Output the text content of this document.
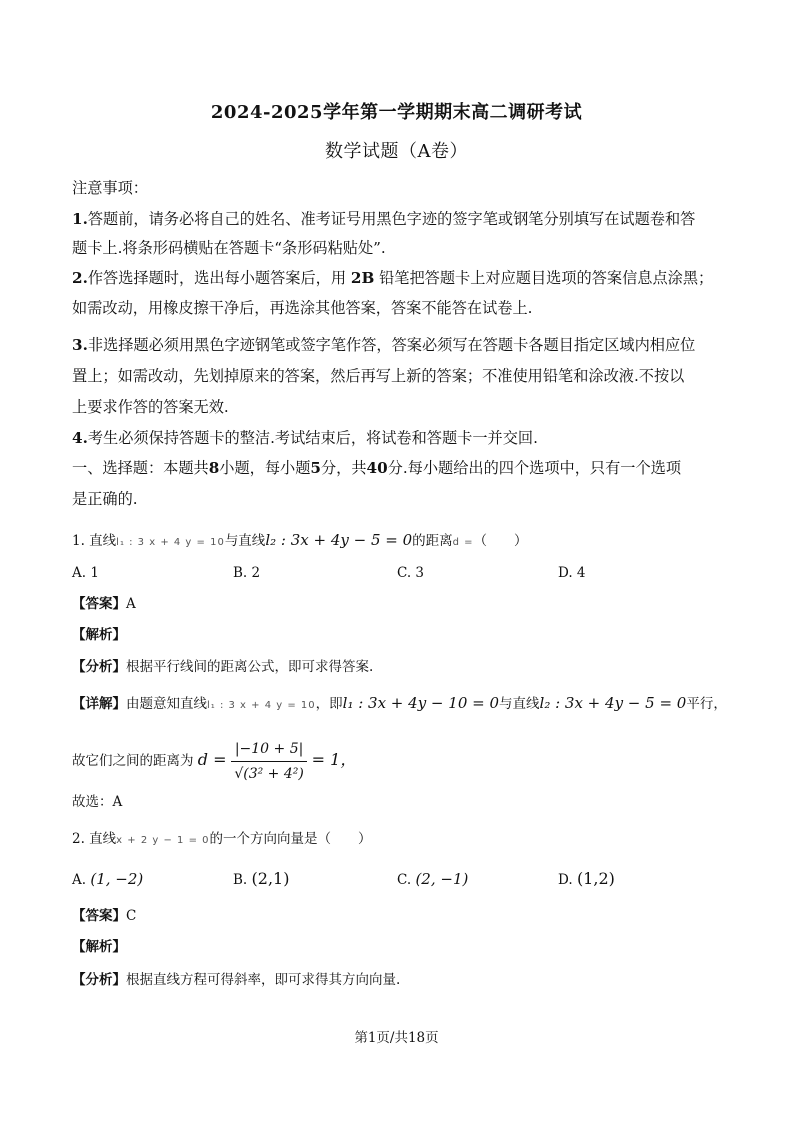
2024-2025学年第一学期期末高二调研考试
数学试题（A卷）
注意事项：
1.答题前，请务必将自己的姓名、准考证号用黑色字迹的签字笔或钢笔分别填写在试题卷和答
题卡上.将条形码横贴在答题卡“条形码粘贴处”.
2.作答选择题时，选出每小题答案后，用 2B 铅笔把答题卡上对应题目选项的答案信息点涂黑；
如需改动，用橡皮擦干净后，再选涂其他答案，答案不能答在试卷上.
3.非选择题必须用黑色字迹钢笔或签字笔作答，答案必须写在答题卡各题目指定区域内相应位
置上；如需改动，先划掉原来的答案，然后再写上新的答案；不准使用铅笔和涂改液.不按以
上要求作答的答案无效.
4.考生必须保持答题卡的整洁.考试结束后，将试卷和答题卡一并交回.
一、选择题：本题共8小题，每小题5分，共40分.每小题给出的四个选项中，只有一个选项
是正确的.
1. 直线l₁ : 3 x + 4 y = 10与直线l₂ : 3x + 4y − 5 = 0的距离d =（　　）
A. 1	B. 2	C. 3	D. 4
【答案】A
【解析】
【分析】根据平行线间的距离公式，即可求得答案.
【详解】由题意知直线l₁ : 3 x + 4 y = 10，即l₁ : 3x + 4y − 10 = 0与直线l₂ : 3x + 4y − 5 = 0平行，
故它们之间的距离为 $d = \frac{|-10 + 5|}{\text{√(3² + 4²)}} = 1$，
故选：A
2. 直线x + 2 y − 1 = 0的一个方向向量是（　　）
A. (1, −2)	B. (2,1)	C. (2, −1)	D. (1,2)
【答案】C
【解析】
【分析】根据直线方程可得斜率，即可求得其方向向量.
第1页/共18页
